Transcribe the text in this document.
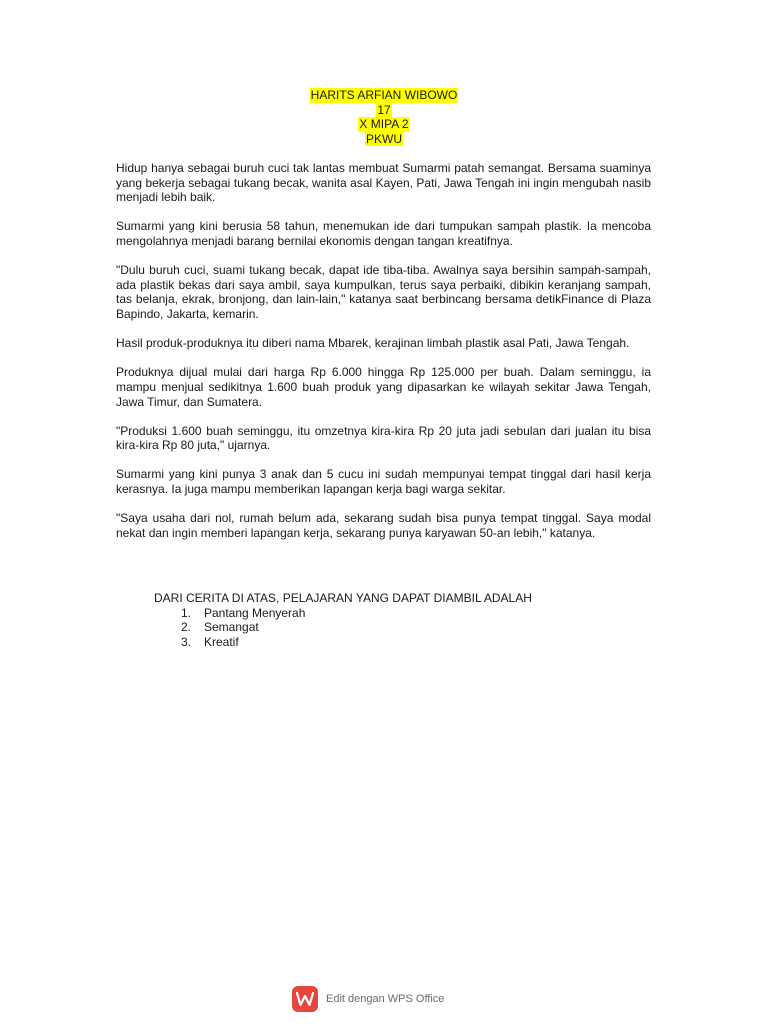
HARITS ARFIAN WIBOWO
17
X MIPA 2
PKWU

Hidup hanya sebagai buruh cuci tak lantas membuat Sumarmi patah semangat. Bersama suaminya yang bekerja sebagai tukang becak, wanita asal Kayen, Pati, Jawa Tengah ini ingin mengubah nasib menjadi lebih baik.

Sumarmi yang kini berusia 58 tahun, menemukan ide dari tumpukan sampah plastik. Ia mencoba mengolahnya menjadi barang bernilai ekonomis dengan tangan kreatifnya.

"Dulu buruh cuci, suami tukang becak, dapat ide tiba-tiba. Awalnya saya bersihin sampah-sampah, ada plastik bekas dari saya ambil, saya kumpulkan, terus saya perbaiki, dibikin keranjang sampah, tas belanja, ekrak, bronjong, dan lain-lain," katanya saat berbincang bersama detikFinance di Plaza Bapindo, Jakarta, kemarin.

Hasil produk-produknya itu diberi nama Mbarek, kerajinan limbah plastik asal Pati, Jawa Tengah.

Produknya dijual mulai dari harga Rp 6.000 hingga Rp 125.000 per buah. Dalam seminggu, ia mampu menjual sedikitnya 1.600 buah produk yang dipasarkan ke wilayah sekitar Jawa Tengah, Jawa Timur, dan Sumatera.

"Produksi 1.600 buah seminggu, itu omzetnya kira-kira Rp 20 juta jadi sebulan dari jualan itu bisa kira-kira Rp 80 juta," ujarnya.

Sumarmi yang kini punya 3 anak dan 5 cucu ini sudah mempunyai tempat tinggal dari hasil kerja kerasnya. Ia juga mampu memberikan lapangan kerja bagi warga sekitar.

"Saya usaha dari nol, rumah belum ada, sekarang sudah bisa punya tempat tinggal. Saya modal nekat dan ingin memberi lapangan kerja, sekarang punya karyawan 50-an lebih," katanya.

DARI CERITA DI ATAS, PELAJARAN YANG DAPAT DIAMBIL ADALAH
1. Pantang Menyerah
2. Semangat
3. Kreatif
Edit dengan WPS Office
